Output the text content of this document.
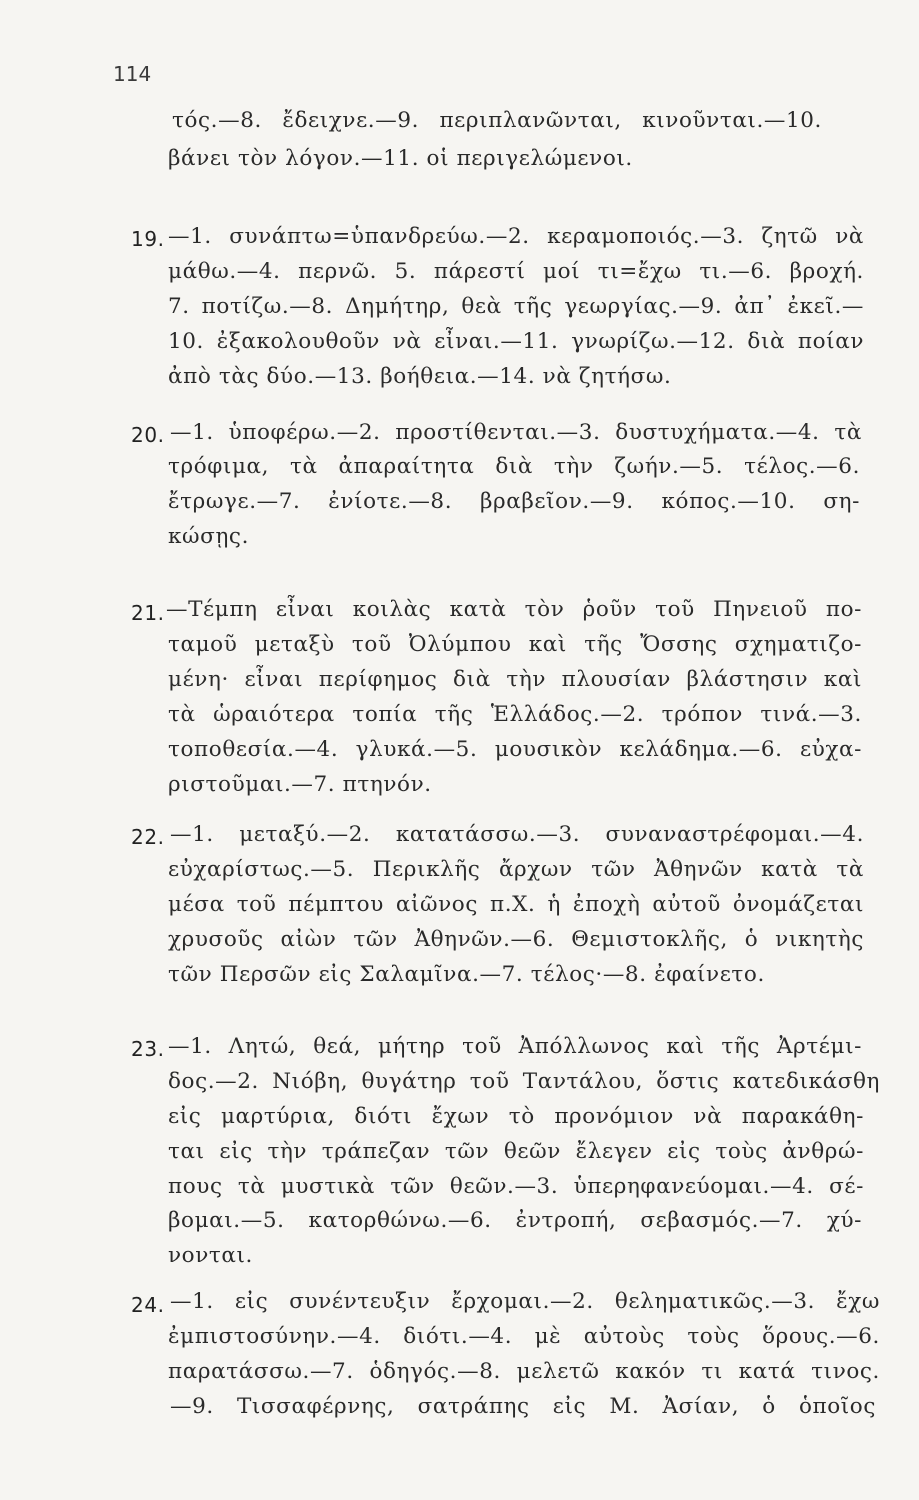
114
τός.—8. ἔδειχνε.—9. περιπλανῶνται, κινοῦνται.—10.
βάνει τὸν λόγον.—11. οἱ περιγελώμενοι.
19. —1. συνάπτω=ὑπανδρεύω.—2. κεραμοποιός.—3. ζητῶ νὰ
μάθω.—4. περνῶ. 5. πάρεστί μοί τι=ἔχω τι.—6. βροχή.
7. ποτίζω.—8. Δημήτηρ, θεὰ τῆς γεωργίας.—9. ἀπ᾿ ἐκεῖ.—
10. ἐξακολουθοῦν νὰ εἶναι.—11. γνωρίζω.—12. διὰ ποίαν
ἀπὸ τὰς δύο.—13. βοήθεια.—14. νὰ ζητήσω.
20. —1. ὑποφέρω.—2. προστίθενται.—3. δυστυχήματα.—4. τὰ
τρόφιμα, τὰ ἀπαραίτητα διὰ τὴν ζωήν.—5. τέλος.—6.
ἔτρωγε.—7. ἐνίοτε.—8. βραβεῖον.—9. κόπος.—10. ση-
κώσῃς.
21. —Τέμπη εἶναι κοιλὰς κατὰ τὸν ῥοῦν τοῦ Πηνειοῦ πο-
ταμοῦ μεταξὺ τοῦ Ὀλύμπου καὶ τῆς Ὄσσης σχηματιζο-
μένη· εἶναι περίφημος διὰ τὴν πλουσίαν βλάστησιν καὶ
τὰ ὡραιότερα τοπία τῆς Ἑλλάδος.—2. τρόπον τινά.—3.
τοποθεσία.—4. γλυκά.—5. μουσικὸν κελάδημα.—6. εὐχα-
ριστοῦμαι.—7. πτηνόν.
22. —1. μεταξύ.—2. κατατάσσω.—3. συναναστρέφομαι.—4.
εὐχαρίστως.—5. Περικλῆς ἄρχων τῶν Ἀθηνῶν κατὰ τὰ
μέσα τοῦ πέμπτου αἰῶνος π.Χ. ἡ ἐποχὴ αὐτοῦ ὀνομάζεται
χρυσοῦς αἰὼν τῶν Ἀθηνῶν.—6. Θεμιστοκλῆς, ὁ νικητὴς
τῶν Περσῶν εἰς Σαλαμῖνα.—7. τέλος·—8. ἐφαίνετο.
23. —1. Λητώ, θεά, μήτηρ τοῦ Ἀπόλλωνος καὶ τῆς Ἀρτέμι-
δος.—2. Νιόβη, θυγάτηρ τοῦ Ταντάλου, ὅστις κατεδικάσθη
εἰς μαρτύρια, διότι ἔχων τὸ προνόμιον νὰ παρακάθη-
ται εἰς τὴν τράπεζαν τῶν θεῶν ἔλεγεν εἰς τοὺς ἀνθρώ-
πους τὰ μυστικὰ τῶν θεῶν.—3. ὑπερηφανεύομαι.—4. σέ-
βομαι.—5. κατορθώνω.—6. ἐντροπή, σεβασμός.—7. χύ-
νονται.
24. —1. εἰς συνέντευξιν ἔρχομαι.—2. θεληματικῶς.—3. ἔχω
ἐμπιστοσύνην.—4. διότι.—4. μὲ αὐτοὺς τοὺς ὅρους.—6.
παρατάσσω.—7. ὁδηγός.—8. μελετῶ κακόν τι κατά τινος.
—9. Τισσαφέρνης, σατράπης εἰς Μ. Ἀσίαν, ὁ ὁποῖος
